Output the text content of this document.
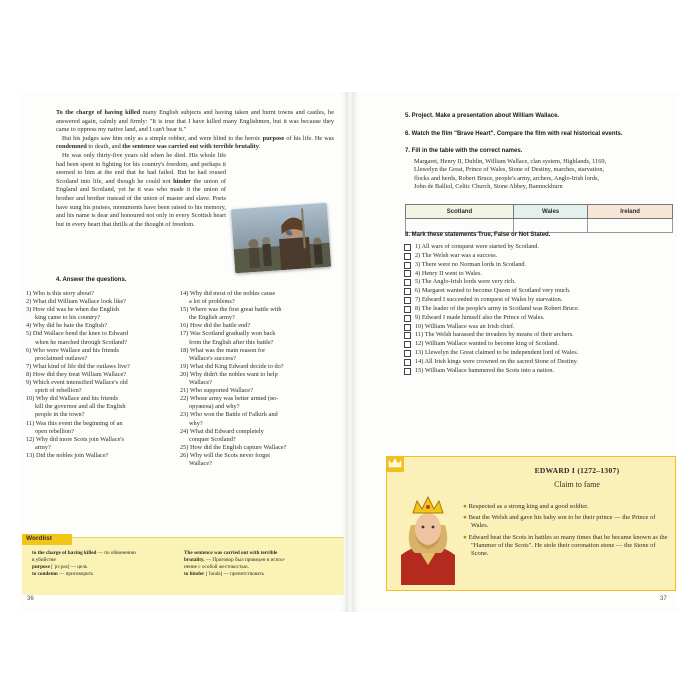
To the charge of having killed many English subjects and having taken and burnt towns and castles, he answered again, calmly and firmly: "It is true that I have killed many Englishmen, but it was because they came to oppress my native land, and I can't bear it."

But his judges saw him only as a simple robber, and were blind to the heroic purpose of his life. He was condemned to death, and the sentence was carried out with terrible brutality.

He was only thirty-five years old when he died. His whole life had been spent in fighting for his country's freedom, and perhaps it seemed to him at the end that he had failed. But he had roused Scotland into life, and though he could not hinder the union of England and Scotland, yet he it was who made it the union of brother and brother instead of the union of master and slave. Poets have sung his praises, monuments have been raised to his memory, and his name is dear and honoured not only in every Scottish heart but in every heart that thrills at the thought of freedom.

4. Answer the questions.
1) Who is this story about?
2) What did William Wallace look like?
3) How old was he when the English
king came to his country?
4) Why did he hate the English?
5) Did Wallace bend the knee to Edward
when he marched through Scotland?
6) Who were Wallace and his friends
proclaimed outlaws?
7) What kind of life did the outlaws live?
8) How did they treat William Wallace?
9) Which event intensified Wallace's old
spirit of rebellion?
10) Why did Wallace and his friends
kill the governor and all the English
people in the town?
11) Was this event the beginning of an
open rebellion?
12) Why did more Scots join Wallace's
army?
13) Did the nobles join Wallace?
14) Why did most of the nobles cause
a lot of problems?
15) Where was the first great battle with
the English army?
16) How did the battle end?
17) Was Scotland gradually won back
from the English after this battle?
18) What was the main reason for
Wallace's success?
19) What did King Edward decide to do?
20) Why didn't the nobles want to help
Wallace?
21) Who supported Wallace?
22) Whose army was better armed (во-
оружена) and why?
23) Who won the Battle of Falkirk and
why?
24) What did Edward completely
conquer Scotland?
25) How did the English capture Wallace?
26) Why will the Scots never forget
Wallace?
Wordlist
to the charge of having killed — по обвинению
в убийстве
purpose [ˈpɜːpəs] — цель
to condemn — приговорить
The sentence was carried out with terrible
brutality. — Приговор был приведен в испол-
нение с особой жестокостью.
to hinder [ˈhɪndə] — препятствовать
36
5. Project. Make a presentation about William Wallace.
6. Watch the film "Brave Heart". Compare the film with real historical events.
7. Fill in the table with the correct names.
Margaret, Henry II, Dublin, William Wallace, clan system, Highlands, 1169,
Llewelyn the Great, Prince of Wales, Stone of Destiny, marches, starvation,
flocks and herds, Robert Bruce, people's army, archers, Anglo-Irish lords,
John de Balliol, Celtic Church, Stone Abbey, Bannockburn
Scotland	Wales	Ireland

8. Mark these statements True, False or Not Stated.
1) All wars of conquest were started by Scotland.
2) The Welsh war was a success.
3) There were no Norman lords in Scotland.
4) Henry II went to Wales.
5) The Anglo-Irish lords were very rich.
6) Margaret wanted to become Queen of Scotland very much.
7) Edward I succeeded in conquest of Wales by starvation.
8) The leader of the people's army in Scotland was Robert Bruce.
9) Edward I made himself also the Prince of Wales.
10) William Wallace was an Irish chief.
11) The Welsh harassed the invaders by means of their archers.
12) William Wallace wanted to become king of Scotland.
13) Llewelyn the Great claimed to be independent lord of Wales.
14) All Irish kings were crowned on the sacred Stone of Destiny.
15) William Wallace hammered the Scots into a nation.
EDWARD I (1272–1307)
Claim to fame
● Respected as a strong king and a good soldier.
● Beat the Welsh and gave his baby son to be their prince — the Prince of Wales.
● Edward beat the Scots in battles so many times that he became known as the "Hammer of the Scots". He stole their coronation stone — the Stone of Scone.
37
